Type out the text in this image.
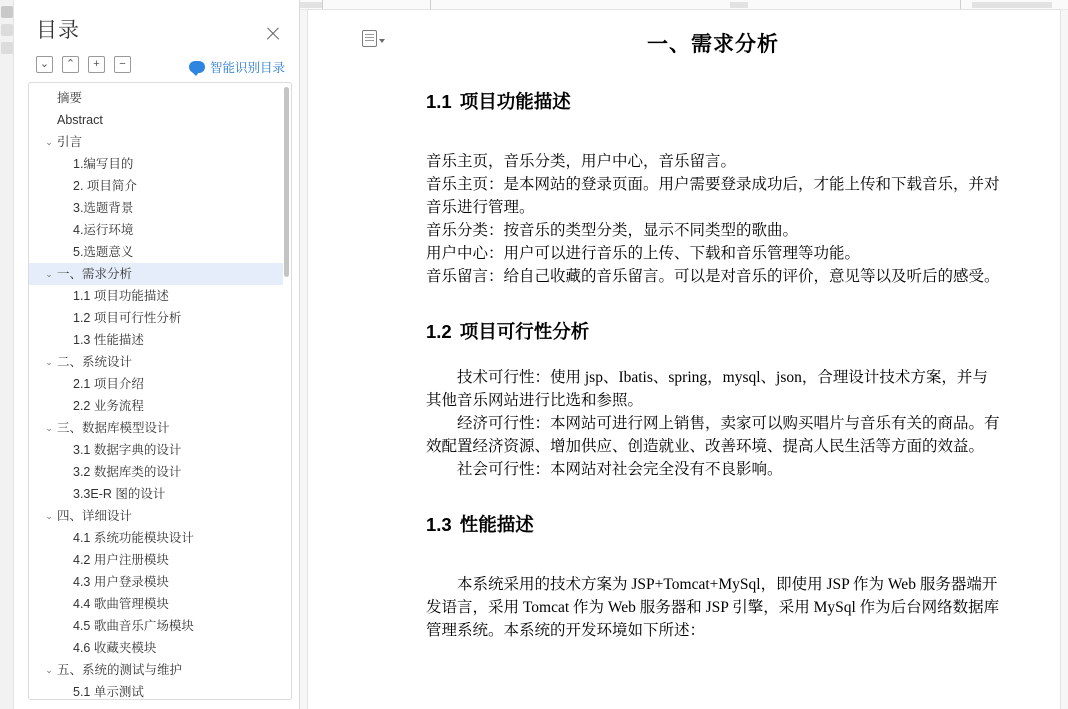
目录
⌄ ⌃	+	−	智能识别目录
摘要
Abstract
⌄ 引言
1.编写目的
2. 项目简介
3.选题背景
4.运行环境
5.选题意义
⌄ 一、需求分析
1.1 项目功能描述
1.2 项目可行性分析
1.3 性能描述
⌄ 二、系统设计
2.1 项目介绍
2.2 业务流程
⌄ 三、数据库模型设计
3.1 数据字典的设计
3.2 数据库类的设计
3.3E-R 图的设计
⌄ 四、详细设计
4.1 系统功能模块设计
4.2 用户注册模块
4.3 用户登录模块
4.4 歌曲管理模块
4.5 歌曲音乐广场模块
4.6 收藏夹模块
⌄ 五、系统的测试与维护
5.1 单示测试
一、需求分析
1.1 项目功能描述

音乐主页，音乐分类，用户中心，音乐留言。

音乐主页：是本网站的登录页面。用户需要登录成功后，才能上传和下载音乐，并对音乐进行管理。

音乐分类：按音乐的类型分类，显示不同类型的歌曲。

用户中心：用户可以进行音乐的上传、下载和音乐管理等功能。

音乐留言：给自己收藏的音乐留言。可以是对音乐的评价，意见等以及听后的感受。

1.2 项目可行性分析

技术可行性：使用 jsp、Ibatis、spring，mysql、json，合理设计技术方案，并与其他音乐网站进行比选和参照。

经济可行性：本网站可进行网上销售，卖家可以购买唱片与音乐有关的商品。有效配置经济资源、增加供应、创造就业、改善环境、提高人民生活等方面的效益。

社会可行性：本网站对社会完全没有不良影响。

1.3 性能描述

本系统采用的技术方案为 JSP+Tomcat+MySql，即使用 JSP 作为 Web 服务器端开发语言，采用 Tomcat 作为 Web 服务器和 JSP 引擎，采用 MySql 作为后台网络数据库管理系统。本系统的开发环境如下所述：
